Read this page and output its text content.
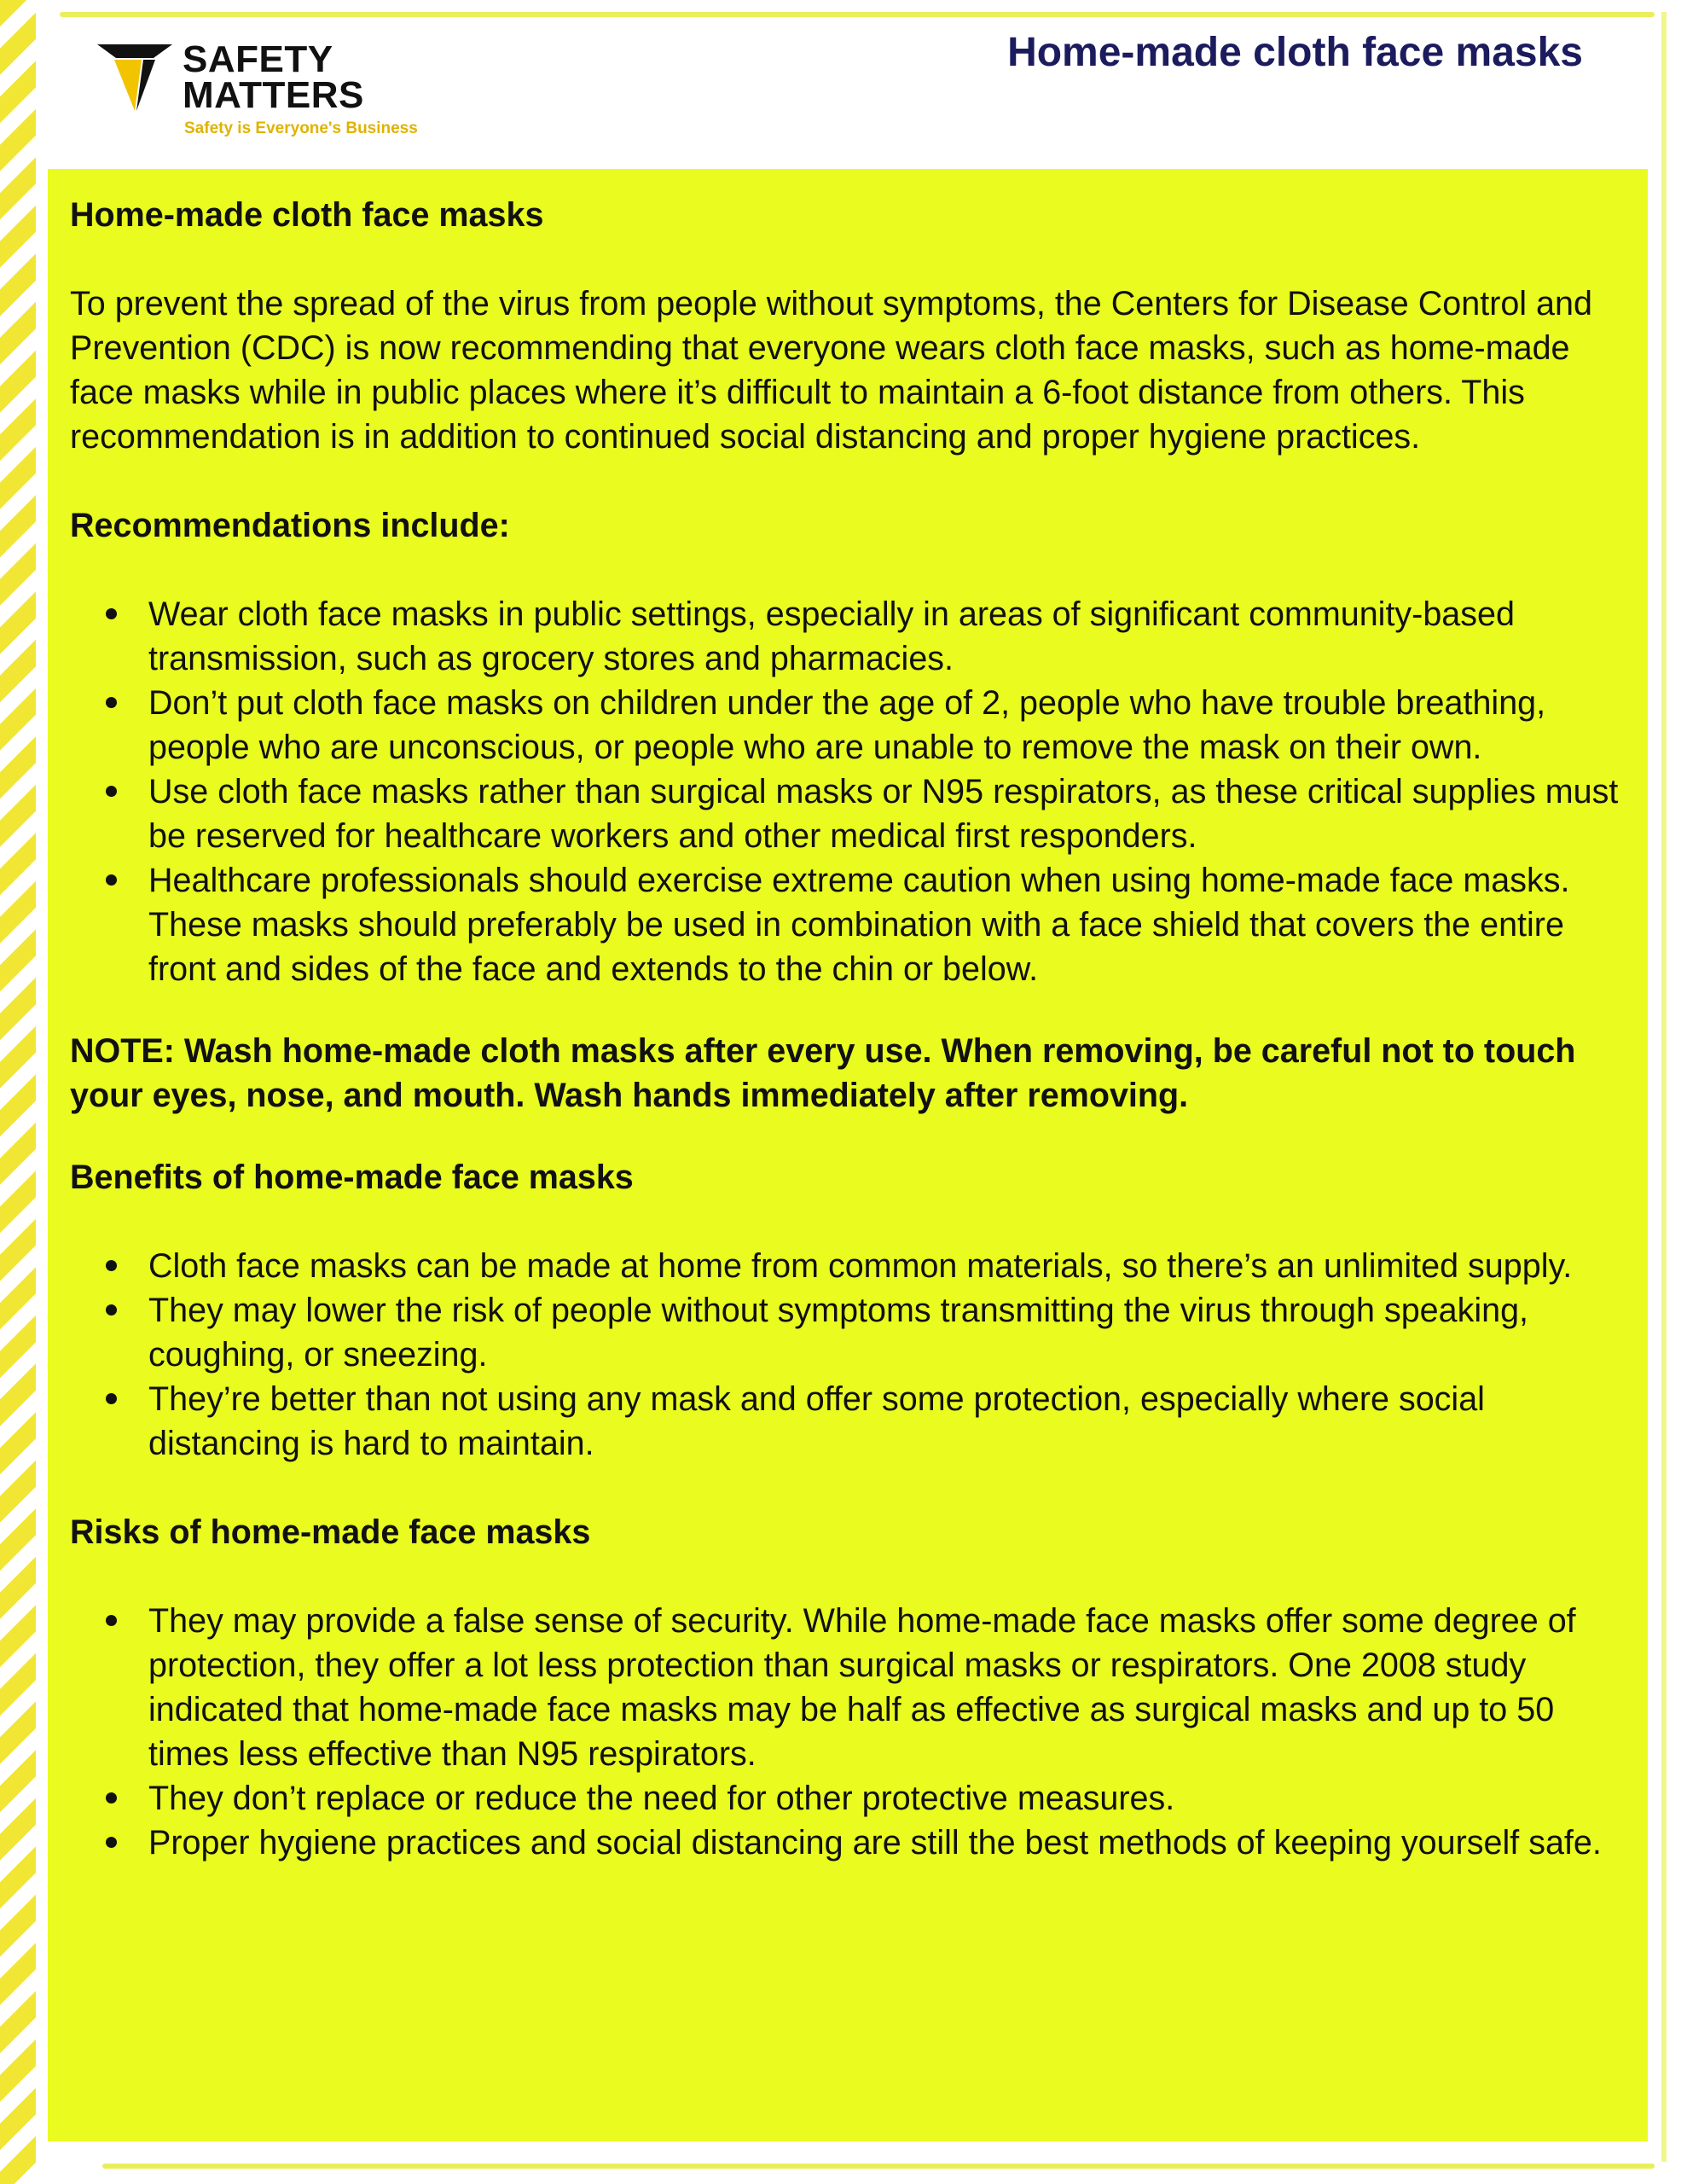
SAFETY
MATTERS
Safety is Everyone's Business
Home-made cloth face masks

Home-made cloth face masks

To prevent the spread of the virus from people without symptoms, the Centers for Disease Control and Prevention (CDC) is now recommending that everyone wears cloth face masks, such as home-made face masks while in public places where it’s difficult to maintain a 6-foot distance from others. This recommendation is in addition to continued social distancing and proper hygiene practices.

Recommendations include:

Wear cloth face masks in public settings, especially in areas of significant community-based transmission, such as grocery stores and pharmacies.
Don’t put cloth face masks on children under the age of 2, people who have trouble breathing, people who are unconscious, or people who are unable to remove the mask on their own.
Use cloth face masks rather than surgical masks or N95 respirators, as these critical supplies must be reserved for healthcare workers and other medical first responders.
Healthcare professionals should exercise extreme caution when using home-made face masks. These masks should preferably be used in combination with a face shield that covers the entire front and sides of the face and extends to the chin or below.

NOTE: Wash home-made cloth masks after every use. When removing, be careful not to touch your eyes, nose, and mouth. Wash hands immediately after removing.

Benefits of home-made face masks

Cloth face masks can be made at home from common materials, so there’s an unlimited supply.
They may lower the risk of people without symptoms transmitting the virus through speaking, coughing, or sneezing.
They’re better than not using any mask and offer some protection, especially where social distancing is hard to maintain.

Risks of home-made face masks

They may provide a false sense of security. While home-made face masks offer some degree of protection, they offer a lot less protection than surgical masks or respirators. One 2008 study indicated that home-made face masks may be half as effective as surgical masks and up to 50 times less effective than N95 respirators.
They don’t replace or reduce the need for other protective measures.
Proper hygiene practices and social distancing are still the best methods of keeping yourself safe.
